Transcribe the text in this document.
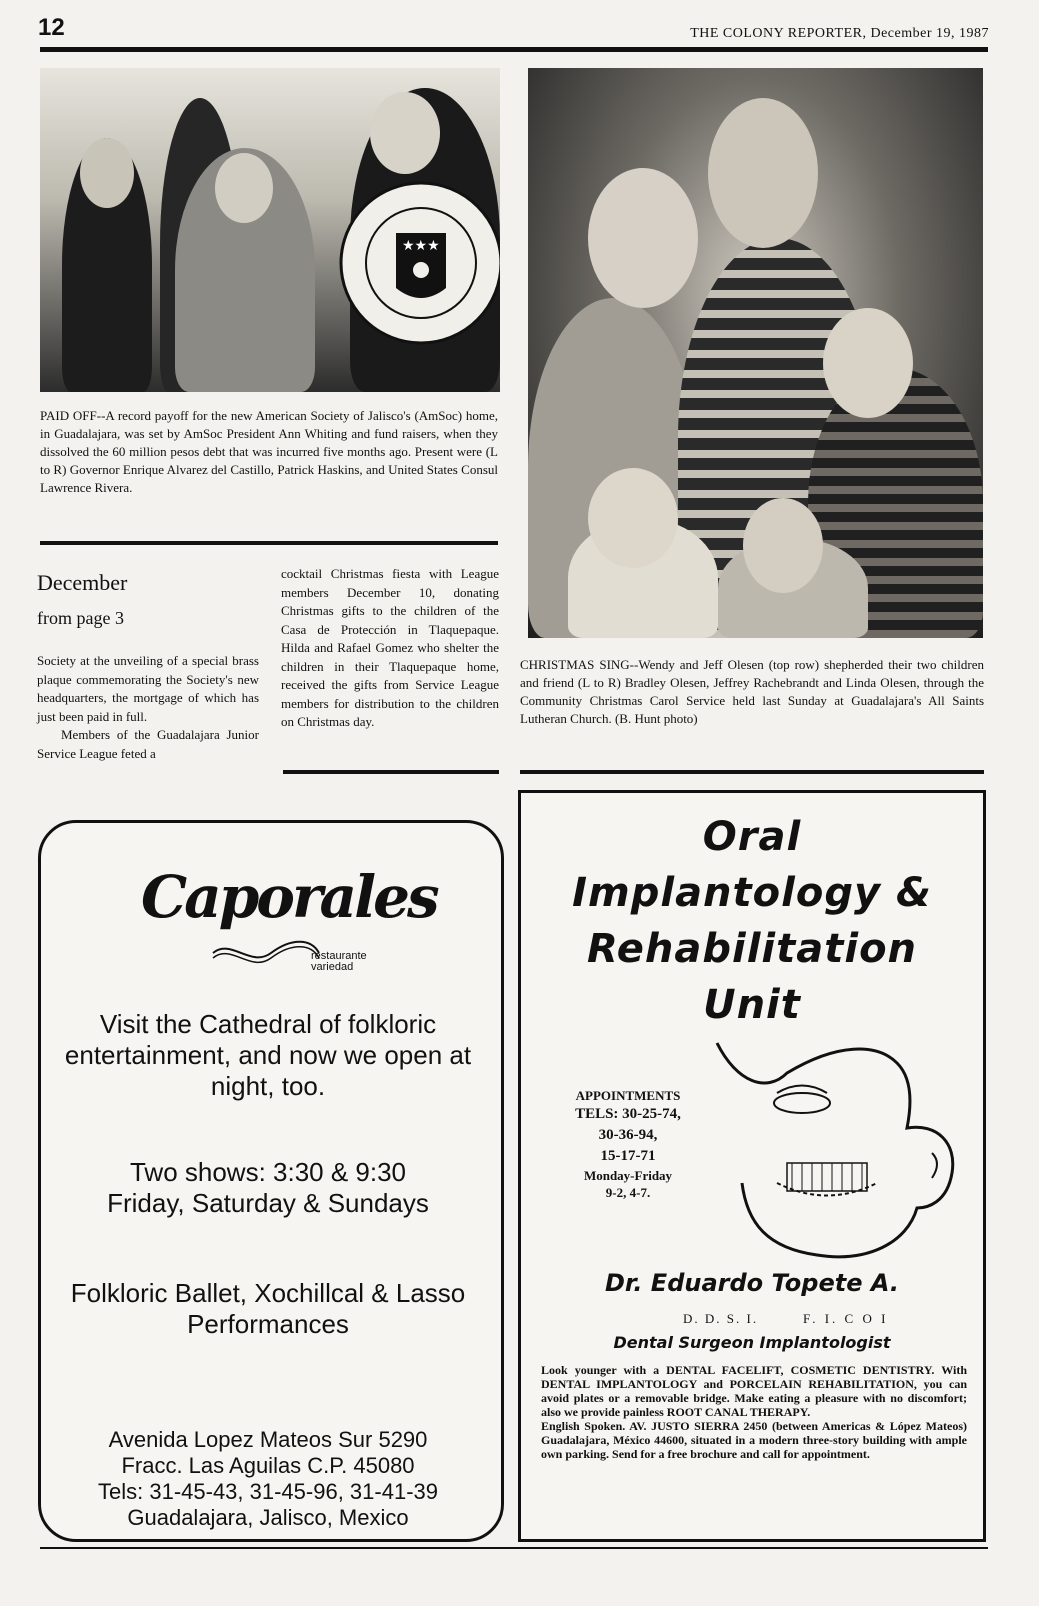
12	THE COLONY REPORTER, December 19, 1987
★★★
PAID OFF--A record payoff for the new American Society of Jalisco's (AmSoc) home, in Guadalajara, was set by AmSoc President Ann Whiting and fund raisers, when they dissolved the 60 million pesos debt that was incurred five months ago. Present were (L to R) Governor Enrique Alvarez del Castillo, Patrick Haskins, and United States Consul Lawrence Rivera.
CHRISTMAS SING--Wendy and Jeff Olesen (top row) shepherded their two children and friend (L to R) Bradley Olesen, Jeffrey Rachebrandt and Linda Olesen, through the Community Christmas Carol Service held last Sunday at Guadalajara's All Saints Lutheran Church. (B. Hunt photo)
December
from page 3
Society at the unveiling of a special brass plaque commemorating the Society's new headquarters, the mortgage of which has just been paid in full.
Members of the Guadalajara Junior Service League feted a
cocktail Christmas fiesta with League members December 10, donating Christmas gifts to the children of the Casa de Protección in Tlaquepaque. Hilda and Rafael Gomez who shelter the children in their Tlaquepaque home, received the gifts from Service League members for distribution to the children on Christmas day.
Caporales
restaurante
variedad
Visit the Cathedral of folkloric entertainment, and now we open at night, too.
Two shows: 3:30 & 9:30
Friday, Saturday & Sundays
Folkloric Ballet, Xochillcal & Lasso Performances
Avenida Lopez Mateos Sur 5290
Fracc. Las Aguilas C.P. 45080
Tels: 31-45-43, 31-45-96, 31-41-39
Guadalajara, Jalisco, Mexico
Oral
Implantology &
Rehabilitation
Unit
APPOINTMENTS
TELS: 30-25-74,
30-36-94,
15-17-71
Monday-Friday
9-2, 4-7.
Dr. Eduardo Topete A.
D. D. S. I.	F. I. C O I
Dental Surgeon Implantologist
Look younger with a DENTAL FACELIFT, COSMETIC DENTISTRY. With DENTAL IMPLANTOLOGY and PORCELAIN REHABILITATION, you can avoid plates or a removable bridge. Make eating a pleasure with no discomfort; also we provide painless ROOT CANAL THERAPY.
English Spoken. AV. JUSTO SIERRA 2450 (between Americas & López Mateos) Guadalajara, México 44600, situated in a modern three-story building with ample own parking. Send for a free brochure and call for appointment.
